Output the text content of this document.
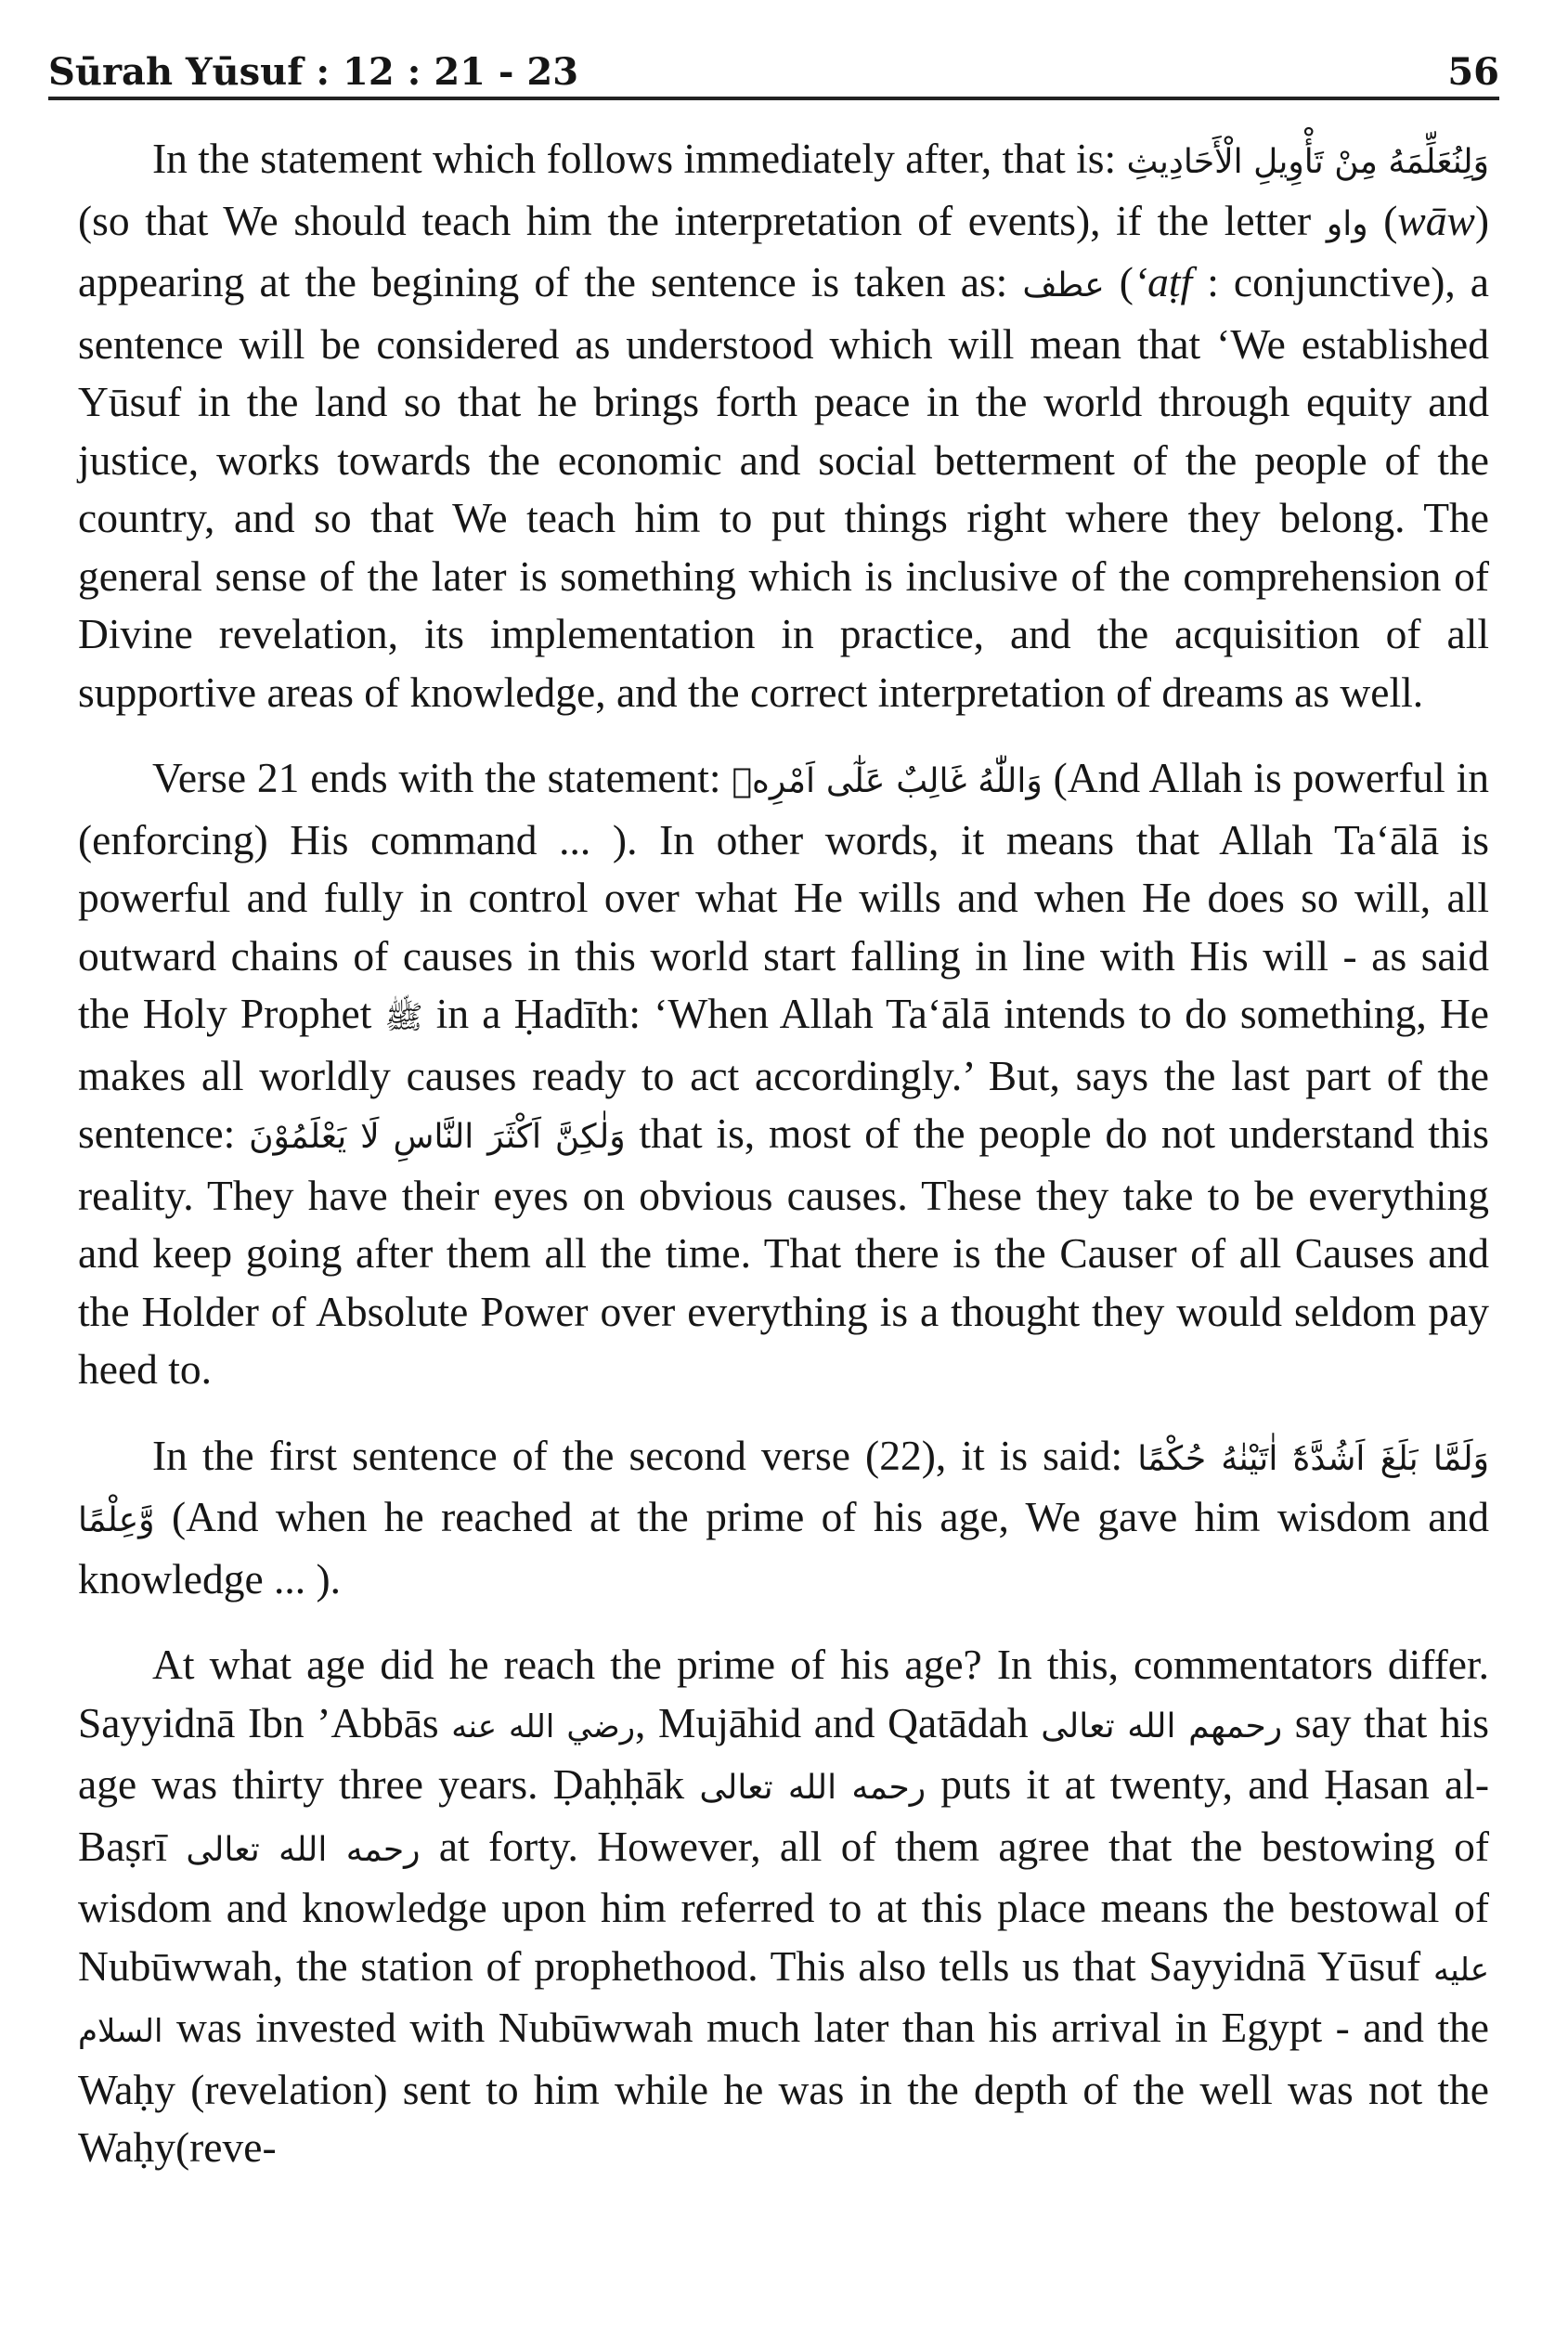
Sūrah Yūsuf : 12 : 21 - 23	56

In the statement which follows immediately after, that is: وَلِنُعَلِّمَهُ مِنْ تَأْوِيلِ الْأَحَادِيثِ (so that We should teach him the interpretation of events), if the letter واو (wāw) appearing at the begining of the sentence is taken as: عطف (‘aṭf : conjunctive), a sentence will be considered as understood which will mean that ‘We established Yūsuf in the land so that he brings forth peace in the world through equity and justice, works towards the economic and social betterment of the people of the country, and so that We teach him to put things right where they belong. The general sense of the later is something which is inclusive of the comprehension of Divine revelation, its implementation in practice, and the acquisition of all supportive areas of knowledge, and the correct interpretation of dreams as well.

Verse 21 ends with the statement: وَاللّٰهُ غَالِبٌ عَلٰٓى اَمْرِهٖ (And Allah is powerful in (enforcing) His command ... ). In other words, it means that Allah Ta‘ālā is powerful and fully in control over what He wills and when He does so will, all outward chains of causes in this world start falling in line with His will - as said the Holy Prophet ﷺ in a Ḥadīth: ‘When Allah Ta‘ālā intends to do something, He makes all worldly causes ready to act accordingly.’ But, says the last part of the sentence: وَلٰكِنَّ اَكْثَرَ النَّاسِ لَا يَعْلَمُوْنَ that is, most of the people do not understand this reality. They have their eyes on obvious causes. These they take to be everything and keep going after them all the time. That there is the Causer of all Causes and the Holder of Absolute Power over everything is a thought they would seldom pay heed to.

In the first sentence of the second verse (22), it is said: وَلَمَّا بَلَغَ اَشُدَّهٗٓ اٰتَيْنٰهُ حُكْمًا وَّعِلْمًا (And when he reached at the prime of his age, We gave him wisdom and knowledge ... ).

At what age did he reach the prime of his age? In this, commentators differ. Sayyidnā Ibn ’Abbās رضي الله عنه, Mujāhid and Qatādah رحمهم الله تعالى say that his age was thirty three years. Ḍaḥḥāk رحمه الله تعالى puts it at twenty, and Ḥasan al-Baṣrī رحمه الله تعالى at forty. However, all of them agree that the bestowing of wisdom and knowledge upon him referred to at this place means the bestowal of Nubūwwah, the station of prophethood. This also tells us that Sayyidnā Yūsuf عليه السلام was invested with Nubūwwah much later than his arrival in Egypt - and the Waḥy (revelation) sent to him while he was in the depth of the well was not the Waḥy(reve-
